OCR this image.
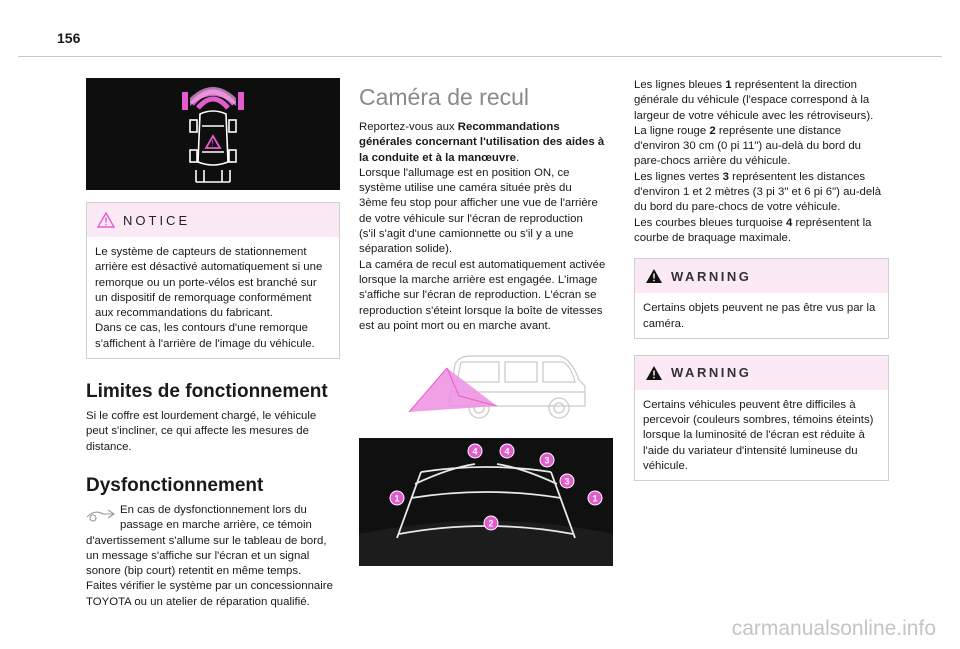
156
!
NOTICE

Le système de capteurs de stationnement

arrière est désactivé automatiquement si une

remorque ou un porte-vélos est branché sur

un dispositif de remorquage conformément

aux recommandations du fabricant.

Dans ce cas, les contours d'une remorque

s'affichent à l'arrière de l'image du véhicule.

Limites de fonctionnement

Si le coffre est lourdement chargé, le véhicule

peut s'incliner, ce qui affecte les mesures de

distance.

Dysfonctionnement

En cas de dysfonctionnement lors du

passage en marche arrière, ce témoin

d'avertissement s'allume sur le tableau de bord,

un message s'affiche sur l'écran et un signal

sonore (bip court) retentit en même temps.

Faites vérifier le système par un concessionnaire

TOYOTA ou un atelier de réparation qualifié.

Caméra de recul

Reportez-vous aux Recommandations

générales concernant l'utilisation des aides à

la conduite et à la manœuvre.

Lorsque l'allumage est en position ON, ce

système utilise une caméra située près du

3ème feu stop pour afficher une vue de l'arrière

de votre véhicule sur l'écran de reproduction

(s'il s'agit d'une camionnette ou s'il y a une

séparation solide).

La caméra de recul est automatiquement activée

lorsque la marche arrière est engagée. L'image

s'affiche sur l'écran de reproduction. L'écran se

reproduction s'éteint lorsque la boîte de vitesses

est au point mort ou en marche avant.

1	1
2
3
3
4	4

Les lignes bleues 1 représentent la direction

générale du véhicule (l'espace correspond à la

largeur de votre véhicule avec les rétroviseurs).

La ligne rouge 2 représente une distance

d'environ 30 cm (0 pi 11") au-delà du bord du

pare-chocs arrière du véhicule.

Les lignes vertes 3 représentent les distances

d'environ 1 et 2 mètres (3 pi 3" et 6 pi 6") au-delà

du bord du pare-chocs de votre véhicule.

Les courbes bleues turquoise 4 représentent la

courbe de braquage maximale.

WARNING

Certains objets peuvent ne pas être vus par la

caméra.

WARNING

Certains véhicules peuvent être difficiles à

percevoir (couleurs sombres, témoins éteints)

lorsque la luminosité de l'écran est réduite à

l'aide du variateur d'intensité lumineuse du

véhicule.

carmanualsonline.info
